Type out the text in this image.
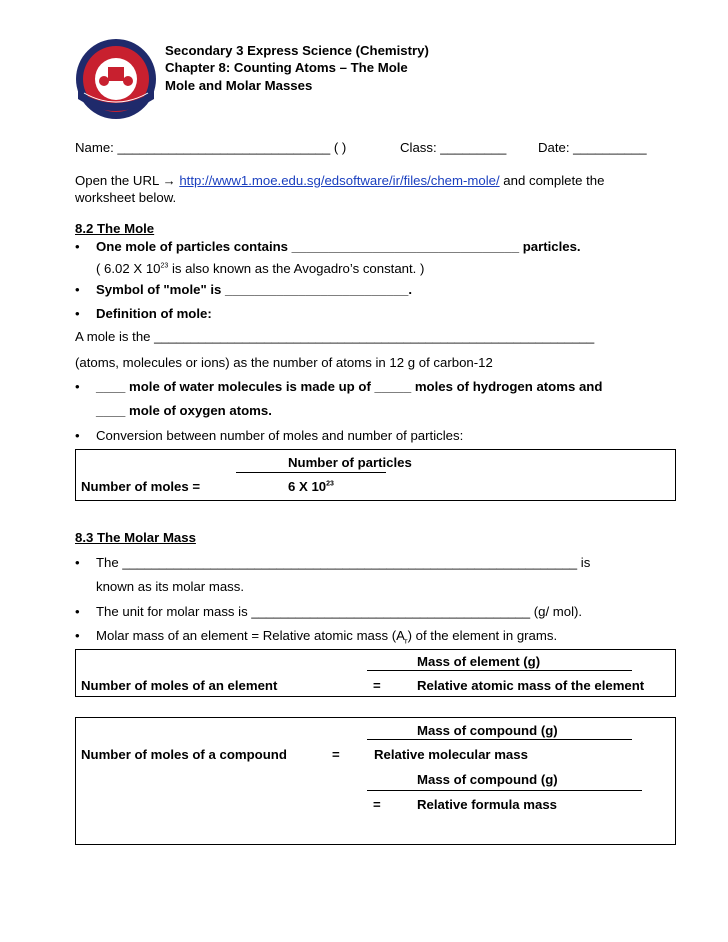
Secondary 3 Express Science (Chemistry)
Chapter 8: Counting Atoms – The Mole
Mole and Molar Masses
Name: _____________________________ ( )	Class: _________ Date: __________
Open the URL → http://www1.moe.edu.sg/edsoftware/ir/files/chem-mole/ and complete the
worksheet below.
8.2 The Mole
• One mole of particles contains _______________________________ particles.
( 6.02 X $10^{23}$ is also known as the Avogadro’s constant. )
• Symbol of "mole" is _________________________.
• Definition of mole:
A mole is the ____________________________________________________________
(atoms, molecules or ions) as the number of atoms in 12 g of carbon-12
• ____ mole of water molecules is made up of _____ moles of hydrogen atoms and
____ mole of oxygen atoms.
• Conversion between number of moles and number of particles:
Number of particles
Number of moles =	6 X $10^{23}$
8.3 The Molar Mass
• The ______________________________________________________________ is
known as its molar mass.
• The unit for molar mass is ______________________________________ (g/ mol).
• Molar mass of an element = Relative atomic mass $(A_r)$ of the element in grams.
Mass of element (g)
Number of moles of an element	=	Relative atomic mass of the element
Mass of compound (g)
Number of moles of a compound	=	Relative molecular mass
Mass of compound (g)
=	Relative formula mass
